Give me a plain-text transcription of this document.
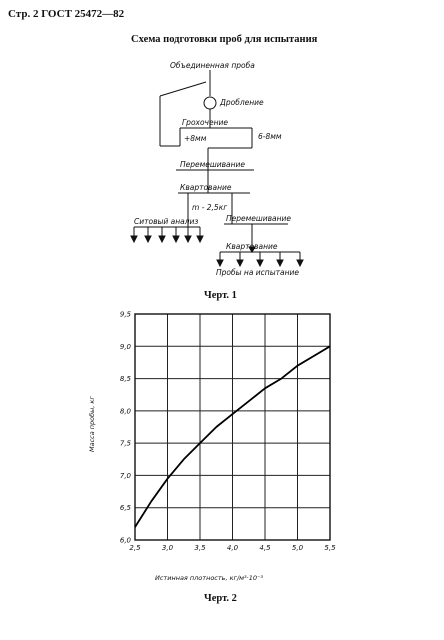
Стр. 2 ГОСТ 25472—82
Схема подготовки проб для испытания
Объединенная проба
Дробление
Грохочение
+8мм	6-8мм
Перемешивание
Квартование
m - 2,5кг
Ситовый анализ	Перемешивание
Квартование
Пробы на испытание
Черт. 1
2,5	3,0	3,5	4,0	4,5	5,0	5,5
6,0
6,5
7,0
7,5
8,0
8,5
9,0
9,5
Истинная плотность, кг/м³·10⁻³
Масса пробы, кг
Черт. 2
